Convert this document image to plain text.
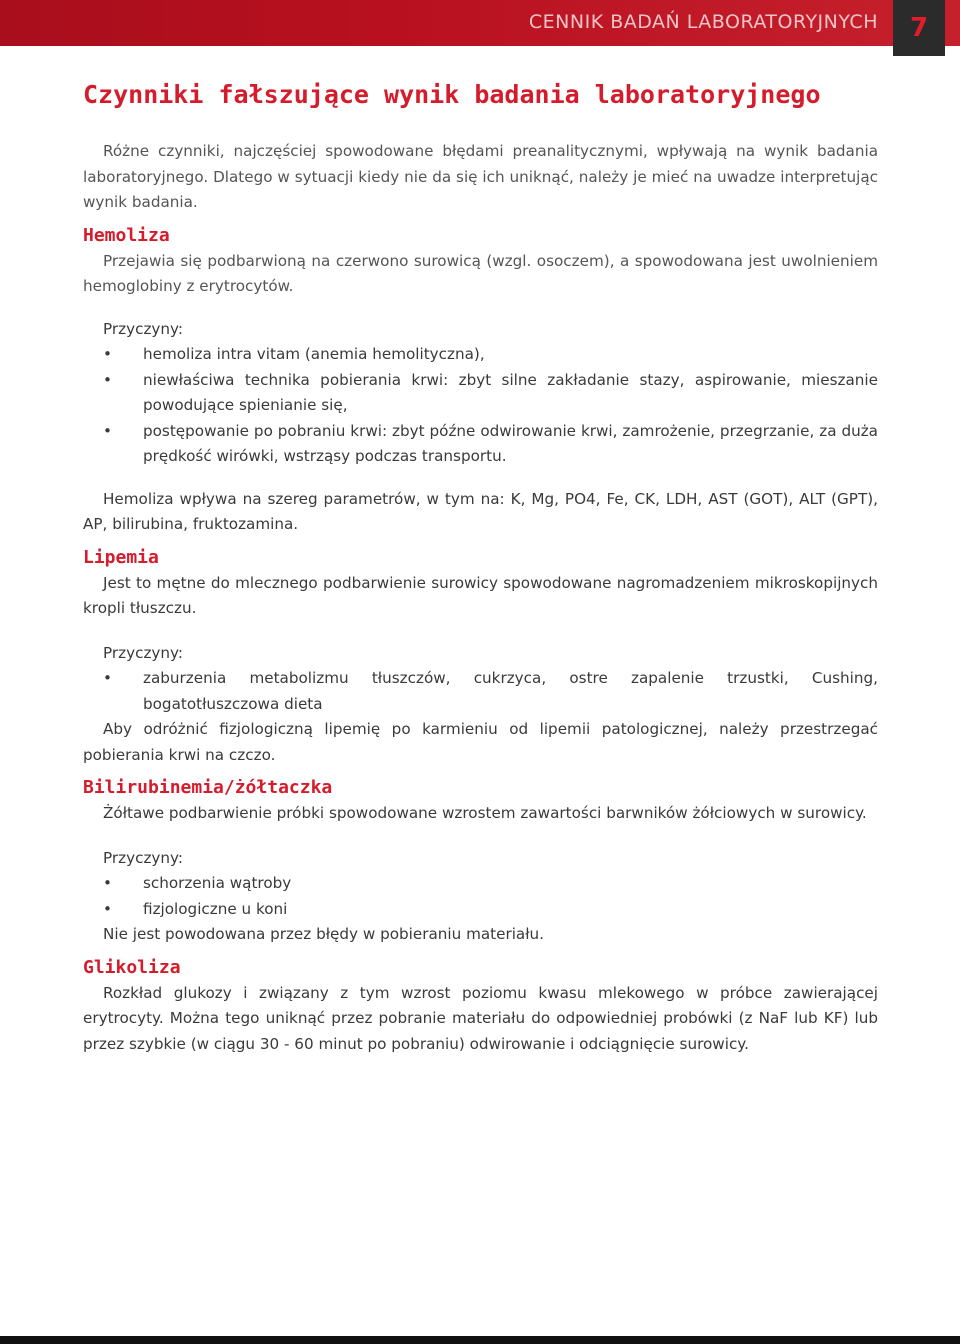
CENNIK BADAŃ LABORATORYJNYCH	7
Czynniki fałszujące wynik badania laboratoryjnego

Różne czynniki, najczęściej spowodowane błędami preanalitycznymi, wpływają na wynik badania laboratoryjnego. Dlatego w sytuacji kiedy nie da się ich uniknąć, należy je mieć na uwadze interpretując wynik badania.

Hemoliza

Przejawia się podbarwioną na czerwono surowicą (wzgl. osoczem), a spowodowana jest uwolnieniem hemoglobiny z erytrocytów.

Przyczyny:

• hemoliza intra vitam (anemia hemolityczna),
• niewłaściwa technika pobierania krwi: zbyt silne zakładanie stazy, aspirowanie, mieszanie powodujące spienianie się,
• postępowanie po pobraniu krwi: zbyt późne odwirowanie krwi, zamrożenie, przegrzanie, za duża prędkość wirówki, wstrząsy podczas transportu.

Hemoliza wpływa na szereg parametrów, w tym na: K, Mg, PO4, Fe, CK, LDH, AST (GOT), ALT (GPT), AP, bilirubina, fruktozamina.

Lipemia

Jest to mętne do mlecznego podbarwienie surowicy spowodowane nagromadzeniem mikroskopijnych kropli tłuszczu.

Przyczyny:

• zaburzenia metabolizmu tłuszczów, cukrzyca, ostre zapalenie trzustki, Cushing, bogatotłuszczowa dieta

Aby odróżnić fizjologiczną lipemię po karmieniu od lipemii patologicznej, należy przestrzegać pobierania krwi na czczo.

Bilirubinemia/żółtaczka

Żółtawe podbarwienie próbki spowodowane wzrostem zawartości barwników żółciowych w surowicy.

Przyczyny:

• schorzenia wątroby
• fizjologiczne u koni

Nie jest powodowana przez błędy w pobieraniu materiału.

Glikoliza

Rozkład glukozy i związany z tym wzrost poziomu kwasu mlekowego w próbce zawierającej erytrocyty. Można tego uniknąć przez pobranie materiału do odpowiedniej probówki (z NaF lub KF) lub przez szybkie (w ciągu 30 - 60 minut po pobraniu) odwirowanie i odciągnięcie surowicy.
